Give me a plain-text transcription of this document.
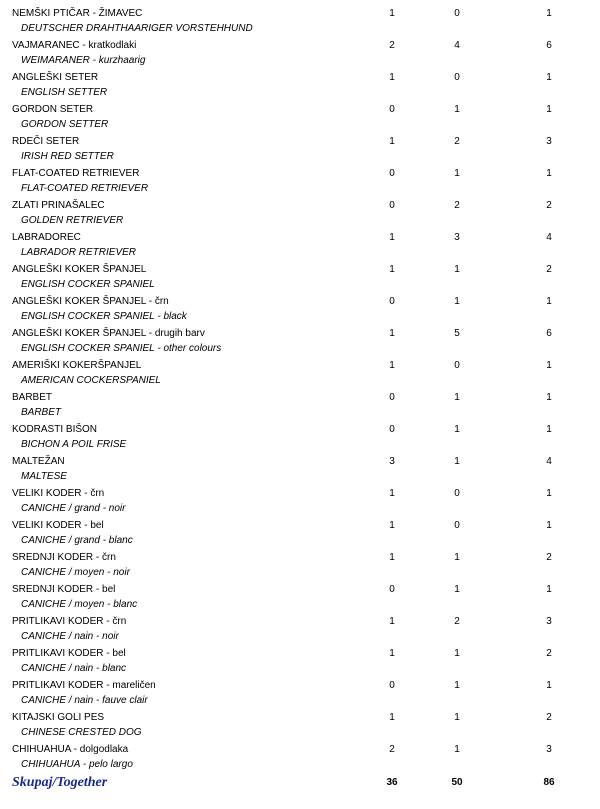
NEMŠKI PTIČAR - ŽIMAVEC
DEUTSCHER DRAHTHAARIGER VORSTEHHUND
1	0	1
VAJMARANEC - kratkodlaki
WEIMARANER - kurzhaarig
2	4	6
ANGLEŠKI SETER
ENGLISH SETTER
1	0	1
GORDON SETER
GORDON SETTER
0	1	1
RDEČI SETER
IRISH RED SETTER
1	2	3
FLAT-COATED RETRIEVER
FLAT-COATED RETRIEVER
0	1	1
ZLATI PRINAŠALEC
GOLDEN RETRIEVER
0	2	2
LABRADOREC
LABRADOR RETRIEVER
1	3	4
ANGLEŠKI KOKER ŠPANJEL
ENGLISH COCKER SPANIEL
1	1	2
ANGLEŠKI KOKER ŠPANJEL - črn
ENGLISH COCKER SPANIEL - black
0	1	1
ANGLEŠKI KOKER ŠPANJEL - drugih barv
ENGLISH COCKER SPANIEL - other colours
1	5	6
AMERIŠKI KOKERŠPANJEL
AMERICAN COCKERSPANIEL
1	0	1
BARBET
BARBET
0	1	1
KODRASTI BIŠON
BICHON A POIL FRISE
0	1	1
MALTEŽAN
MALTESE
3	1	4
VELIKI KODER - črn
CANICHE / grand - noir
1	0	1
VELIKI KODER - bel
CANICHE / grand - blanc
1	0	1
SREDNJI KODER - črn
CANICHE / moyen - noir
1	1	2
SREDNJI KODER - bel
CANICHE / moyen - blanc
0	1	1
PRITLIKAVI KODER - črn
CANICHE / nain - noir
1	2	3
PRITLIKAVI KODER - bel
CANICHE / nain - blanc
1	1	2
PRITLIKAVI KODER - mareličen
CANICHE / nain - fauve clair
0	1	1
KITAJSKI GOLI PES
CHINESE CRESTED DOG
1	1	2
CHIHUAHUA - dolgodlaka
CHIHUAHUA - pelo largo
2	1	3
Skupaj/Together	36	50	86
